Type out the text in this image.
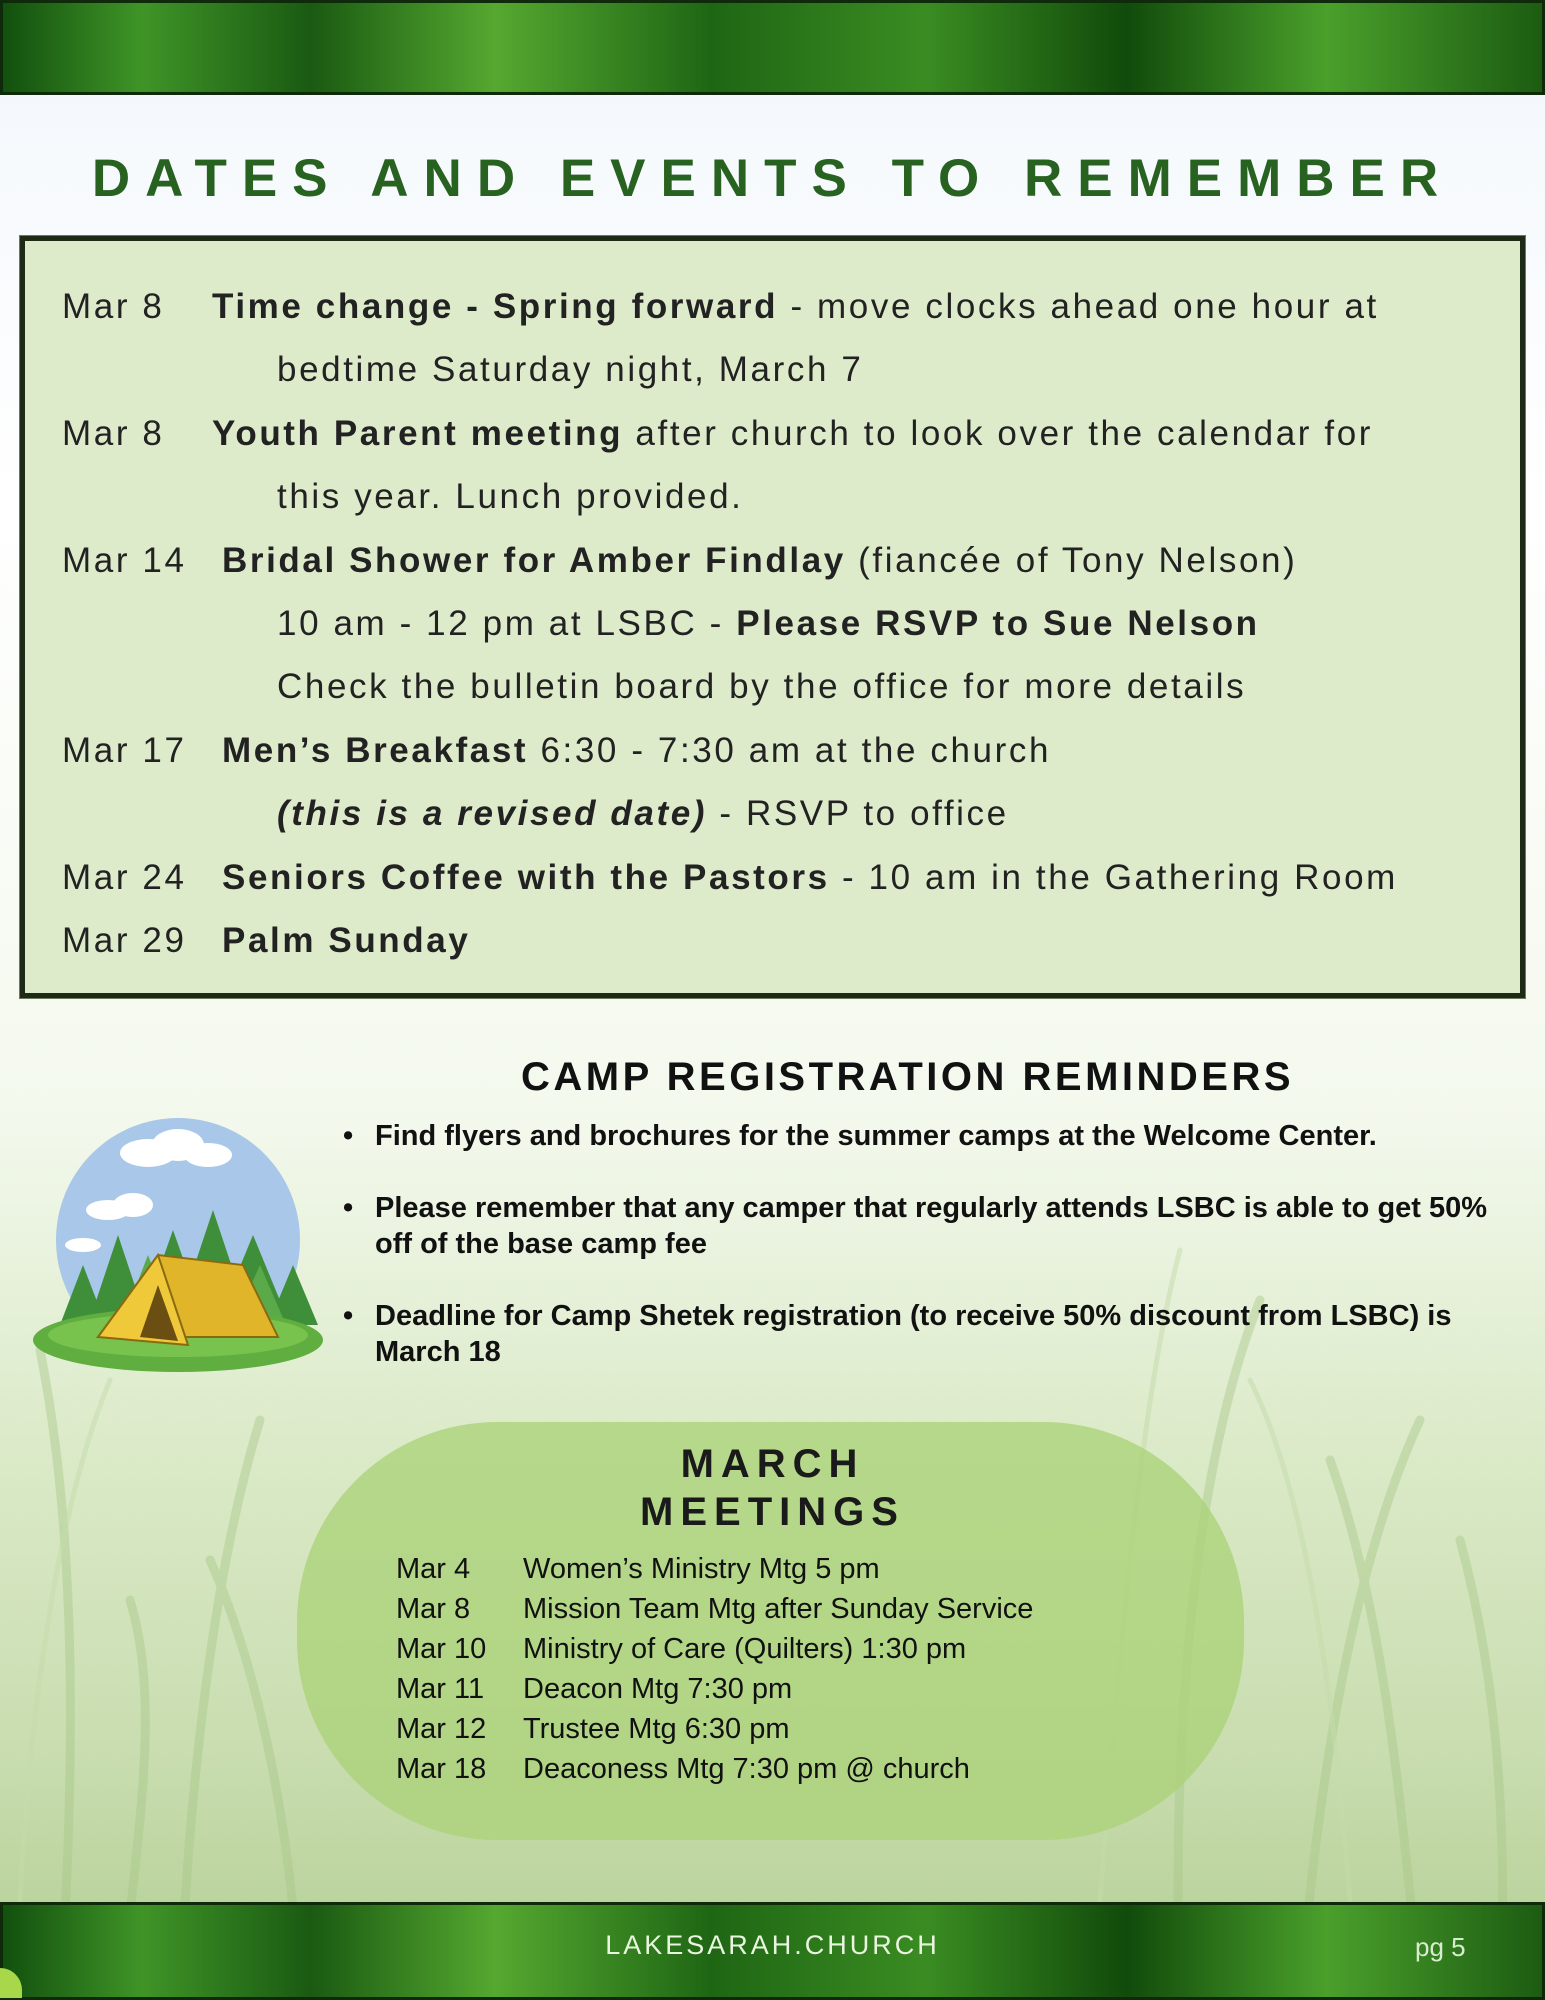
DATES AND EVENTS TO REMEMBER
Mar 8 Time change - Spring forward - move clocks ahead one hour at
bedtime Saturday night, March 7
Mar 8 Youth Parent meeting after church to look over the calendar for
this year. Lunch provided.
Mar 14 Bridal Shower for Amber Findlay (fiancée of Tony Nelson)
10 am - 12 pm at LSBC - Please RSVP to Sue Nelson
Check the bulletin board by the office for more details
Mar 17 Men’s Breakfast 6:30 - 7:30 am at the church
(this is a revised date) - RSVP to office
Mar 24 Seniors Coffee with the Pastors - 10 am in the Gathering Room
Mar 29 Palm Sunday
CAMP REGISTRATION REMINDERS
• Find flyers and brochures for the summer camps at the Welcome Center.
• Please remember that any camper that regularly attends LSBC is able to get 50% off of the base camp fee
• Deadline for Camp Shetek registration (to receive 50% discount from LSBC) is March 18
MARCH
MEETINGS
Mar 4 Women’s Ministry Mtg 5 pm
Mar 8 Mission Team Mtg after Sunday Service
Mar 10 Ministry of Care (Quilters) 1:30 pm
Mar 11 Deacon Mtg 7:30 pm
Mar 12 Trustee Mtg 6:30 pm
Mar 18 Deaconess Mtg 7:30 pm @ church
LAKESARAH.CHURCH	pg 5
